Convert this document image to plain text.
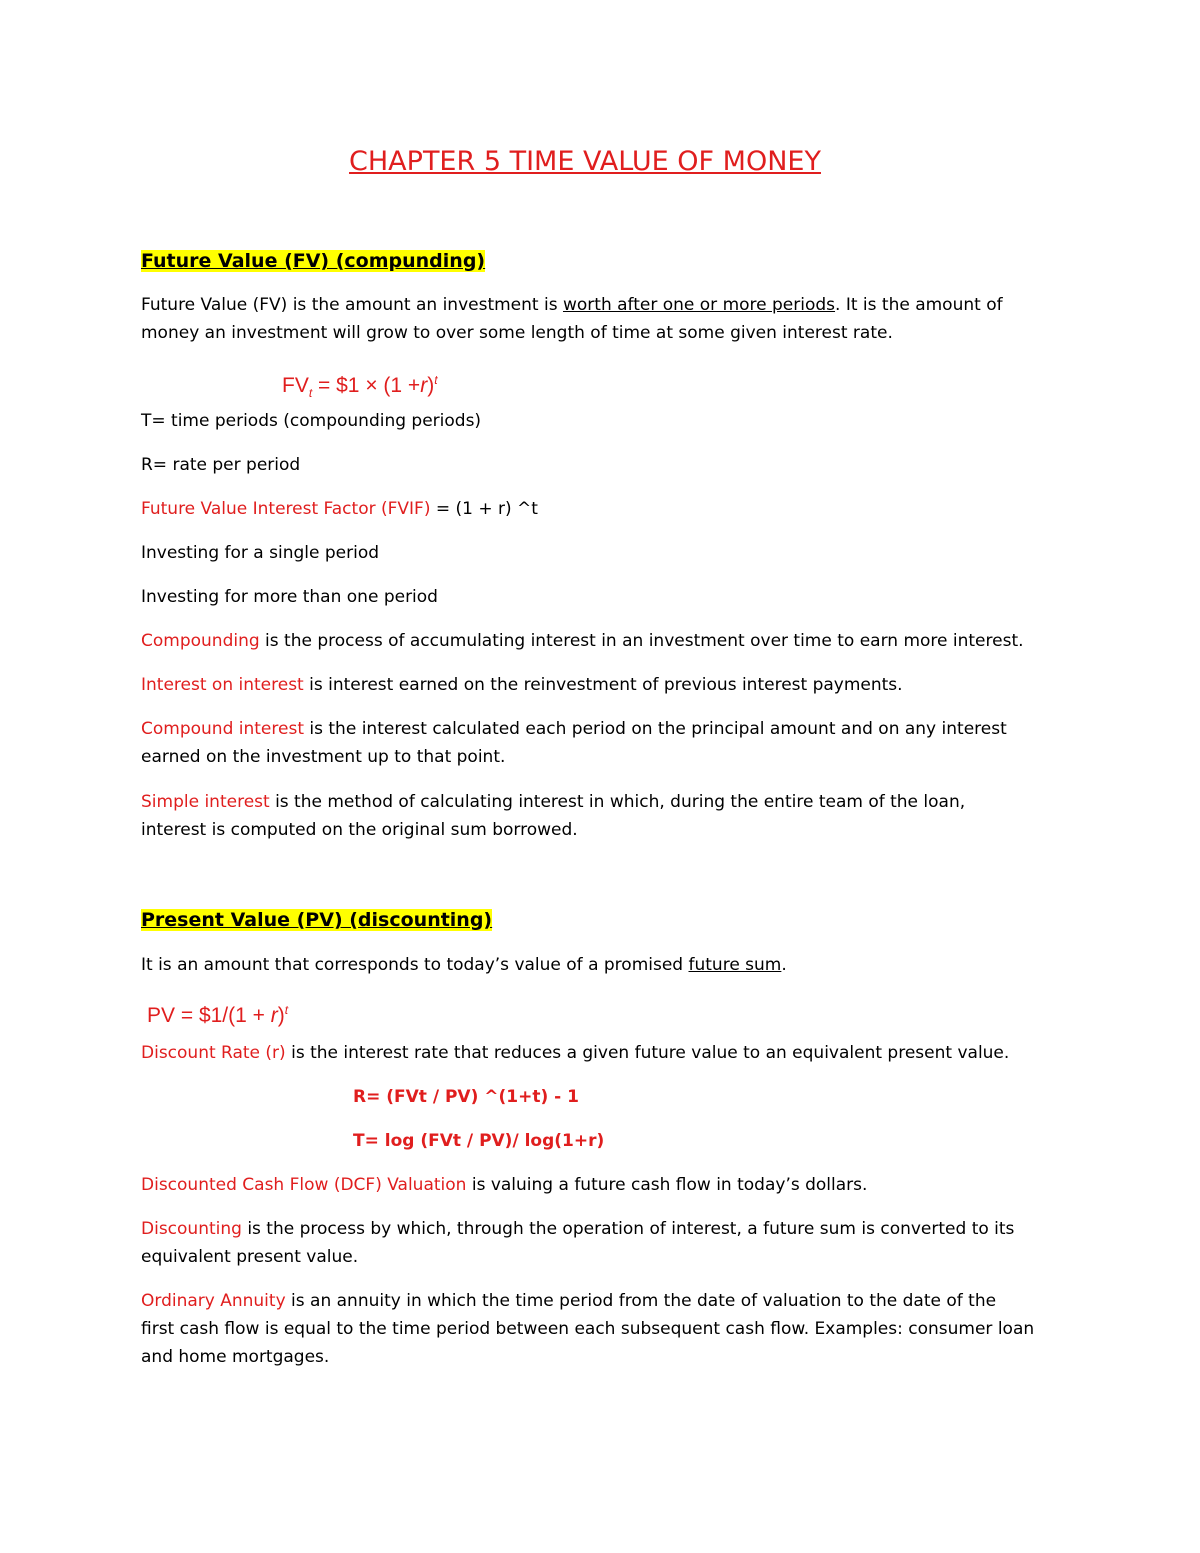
CHAPTER 5 TIME VALUE OF MONEY
Future Value (FV) (compunding)
Future Value (FV) is the amount an investment is worth after one or more periods. It is the amount of
money an investment will grow to over some length of time at some given interest rate.
$FV_t$ = $1 × $(1 +r)^t$
T= time periods (compounding periods)
R= rate per period
Future Value Interest Factor (FVIF) = (1 + r) ^t
Investing for a single period
Investing for more than one period
Compounding is the process of accumulating interest in an investment over time to earn more interest.
Interest on interest is interest earned on the reinvestment of previous interest payments.
Compound interest is the interest calculated each period on the principal amount and on any interest
earned on the investment up to that point.
Simple interest is the method of calculating interest in which, during the entire team of the loan,
interest is computed on the original sum borrowed.
Present Value (PV) (discounting)
It is an amount that corresponds to today’s value of a promised future sum.
PV = $1/(1 + r)$^t$
Discount Rate (r) is the interest rate that reduces a given future value to an equivalent present value.
R= (FVt / PV) ^(1+t) - 1
T= log (FVt / PV)/ log(1+r)
Discounted Cash Flow (DCF) Valuation is valuing a future cash flow in today’s dollars.
Discounting is the process by which, through the operation of interest, a future sum is converted to its
equivalent present value.
Ordinary Annuity is an annuity in which the time period from the date of valuation to the date of the
first cash flow is equal to the time period between each subsequent cash flow. Examples: consumer loan
and home mortgages.
